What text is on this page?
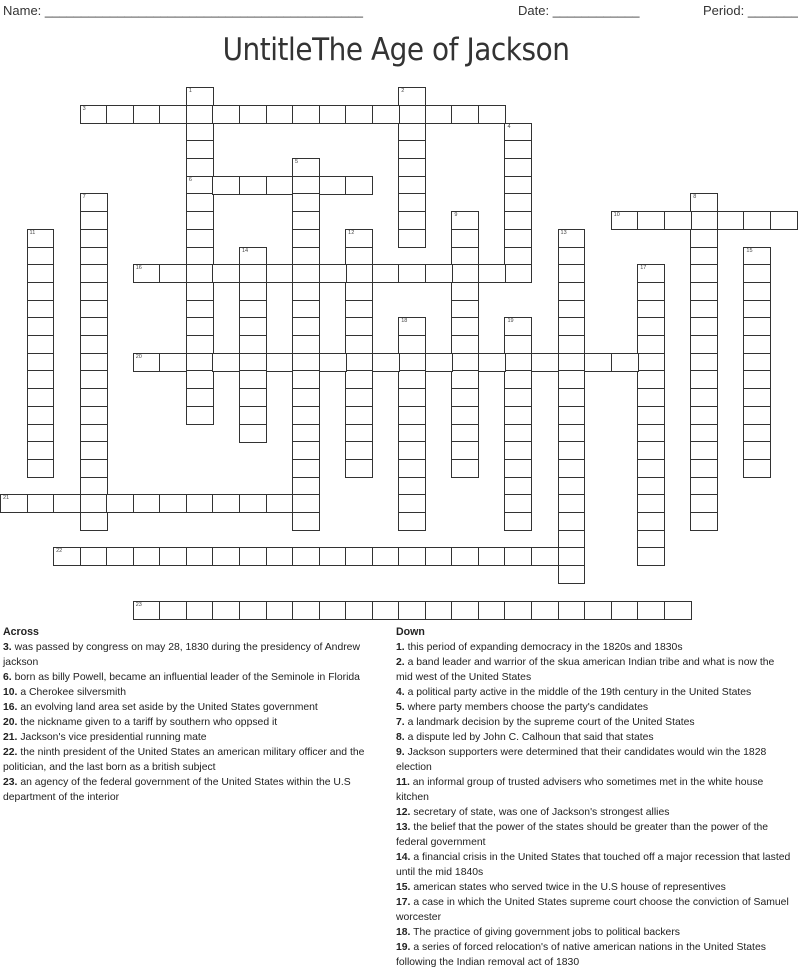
Name: ____________________________________________	Date: ____________	Period: _______
UntitleThe Age of Jackson
1
6
2
3
4
5
7	8
9	10
11	12	13
14	15
16	17
18	19
20
21
22
23
Across
3. was passed by congress on may 28, 1830 during the presidency of Andrew jackson
6. born as billy Powell, became an influential leader of the Seminole in Florida
10. a Cherokee silversmith
16. an evolving land area set aside by the United States government
20. the nickname given to a tariff by southern who oppsed it
21. Jackson's vice presidential running mate
22. the ninth president of the United States an american military officer and the politician, and the last born as a british subject
23. an agency of the federal government of the United States within the U.S department of the interior
Down
1. this period of expanding democracy in the 1820s and 1830s
2. a band leader and warrior of the skua american Indian tribe and what is now the mid west of the United States
4. a political party active in the middle of the 19th century in the United States
5. where party members choose the party's candidates
7. a landmark decision by the supreme court of the United States
8. a dispute led by John C. Calhoun that said that states
9. Jackson supporters were determined that their candidates would win the 1828 election
11. an informal group of trusted advisers who sometimes met in the white house kitchen
12. secretary of state, was one of Jackson's strongest allies
13. the belief that the power of the states should be greater than the power of the federal government
14. a financial crisis in the United States that touched off a major recession that lasted until the mid 1840s
15. american states who served twice in the U.S house of representives
17. a case in which the United States supreme court choose the conviction of Samuel worcester
18. The practice of giving government jobs to political backers
19. a series of forced relocation's of native american nations in the United States following the Indian removal act of 1830
